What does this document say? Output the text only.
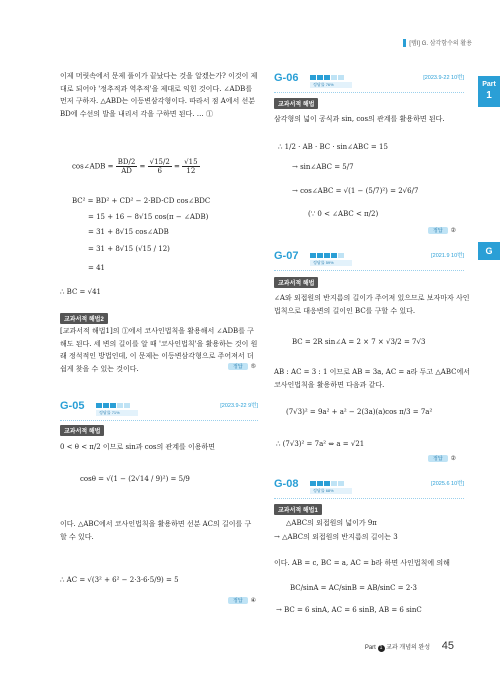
[템I] G. 삼각함수의 활용
Part
1
G

이제 머릿속에서 문제 풀이가 끝났다는 것을 알겠는가? 이것이 제대로 되어야 '정추적과 역추적'을 제대로 익힌 것이다. ∠ADB를 먼저 구하자. △ABD는 이등변삼각형이다. 따라서 점 A에서 선분 BD에 수선의 발을 내리서 각을 구하면 된다. … ①

cos∠ADB = $\frac{BD/2}{AD} = \frac{√15/2}{6} = \frac{√15}{12}$
BC² = BD² + CD² − 2·BD·CD cos∠BDC
= 15 + 16 − 8√15 cos(π − ∠ADB)
= 31 + 8√15 cos∠ADB
= 31 + 8√15 (√15 / 12)
= 41
∴ BC = √41
교과서적 해법2

[교과서적 해법1]의 ①에서 코사인법칙을 활용해서 ∠ADB를 구해도 된다. 세 변의 길이를 알 때 '코사인법칙'을 활용하는 것이 원래 정석적인 방법인데, 이 문제는 이등변삼각형으로 주어져서 더 쉽게 찾을 수 있는 것이다.	정답 ⑤
G-05
정답률 71%
[2023.9-22 9번]
교과서적 해법
0 < θ < π/2 이므로 sin과 cos의 관계를 이용하면
cosθ = √(1 − (2√14 / 9)²) = 5/9

이다. △ABC에서 코사인법칙을 활용하면 선분 AC의 길이를 구할 수 있다.

∴ AC = √(3² + 6² − 2·3·6·5/9) = 5
정답 ④
G-06
정답률 76%
[2023.9-22 10번]
교과서적 해법
삼각형의 넓이 공식과 sin, cos의 관계를 활용하면 된다.
∴ 1/2 · AB · BC · sin∠ABC = 15
→ sin∠ABC = 5/7
→ cos∠ABC = √(1 − (5/7)²) = 2√6/7
(∵ 0 < ∠ABC < π/2)
정답 ②
G-07
정답률 59%
[2021.9 10번]
교과서적 해법

∠A와 외접원의 반지름의 길이가 주어져 있으므로 보자마자 사인법칙으로 대응변의 길이인 BC를 구할 수 있다.

BC = 2R sin∠A = 2 × 7 × √3/2 = 7√3

AB : AC = 3 : 1 이므로 AB = 3a, AC = a라 두고 △ABC에서 코사인법칙을 활용하면 다음과 같다.

(7√3)² = 9a² + a² − 2(3a)(a)cos π/3 = 7a²
∴ (7√3)² = 7a² ⇔ a = √21
정답 ②
G-08
정답률 68%
[2025.6 10번]
교과서적 해법1
△ABC의 외접원의 넓이가 9π
→ △ABC의 외접원의 반지름의 길이는 3
이다. AB = c, BC = a, AC = b라 하면 사인법칙에 의해
BC/sinA = AC/sinB = AB/sinC = 2·3
→ BC = 6 sinA, AC = 6 sinB, AB = 6 sinC
Part 1 교과 개념의 완성 45
